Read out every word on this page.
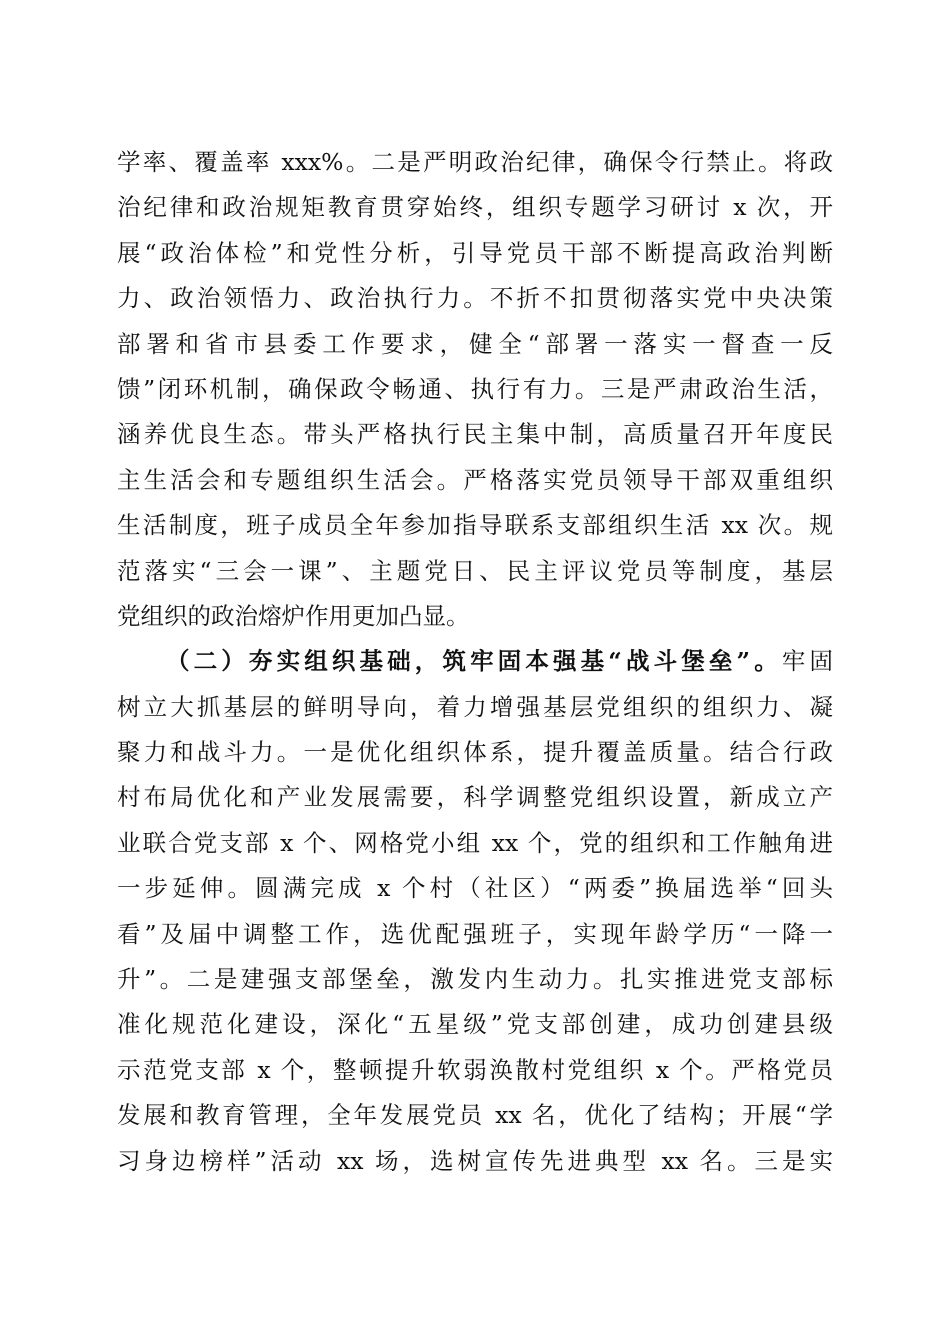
学率、覆盖率 xxx%。二是严明政治纪律，确保令行禁止。将政
治纪律和政治规矩教育贯穿始终，组织专题学习研讨 x 次，开
展“政治体检”和党性分析，引导党员干部不断提高政治判断
力、政治领悟力、政治执行力。不折不扣贯彻落实党中央决策
部署和省市县委工作要求，健全“部署一落实一督查一反
馈”闭环机制，确保政令畅通、执行有力。三是严肃政治生活，
涵养优良生态。带头严格执行民主集中制，高质量召开年度民
主生活会和专题组织生活会。严格落实党员领导干部双重组织
生活制度，班子成员全年参加指导联系支部组织生活 xx 次。规
范落实“三会一课”、主题党日、民主评议党员等制度，基层
党组织的政治熔炉作用更加凸显。
（二）夯实组织基础，筑牢固本强基“战斗堡垒”。牢固
树立大抓基层的鲜明导向，着力增强基层党组织的组织力、凝
聚力和战斗力。一是优化组织体系，提升覆盖质量。结合行政
村布局优化和产业发展需要，科学调整党组织设置，新成立产
业联合党支部 x 个、网格党小组 xx 个，党的组织和工作触角进
一步延伸。圆满完成 x 个村（社区）“两委”换届选举“回头
看”及届中调整工作，选优配强班子，实现年龄学历“一降一
升”。二是建强支部堡垒，激发内生动力。扎实推进党支部标
准化规范化建设，深化“五星级”党支部创建，成功创建县级
示范党支部 x 个，整顿提升软弱涣散村党组织 x 个。严格党员
发展和教育管理，全年发展党员 xx 名，优化了结构；开展“学
习身边榜样”活动 xx 场，选树宣传先进典型 xx 名。三是实
